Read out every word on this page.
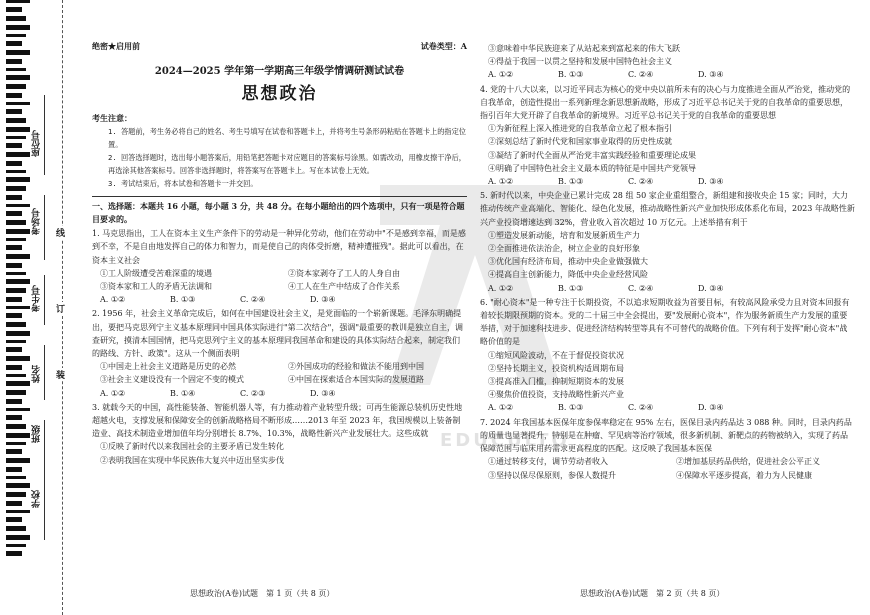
座位号
考场号
考生号
姓名
班级
学校
线
订
装
EDUCULTO
绝密★启用前	试卷类型：A
2024—2025 学年第一学期高三年级学情调研测试试卷
思想政治
考生注意：
1. 答题前，考生务必将自己的姓名、考生号填写在试卷和答题卡上，并将考生号条形码粘贴在答题卡上的指定位置。
2. 回答选择题时，选出每小题答案后，用铅笔把答题卡对应题目的答案标号涂黑。如需改动，用橡皮擦干净后，再选涂其他答案标号。回答非选择题时，将答案写在答题卡上。写在本试卷上无效。
3. 考试结束后，将本试卷和答题卡一并交回。
一、选择题：本题共 16 小题，每小题 3 分，共 48 分。在每小题给出的四个选项中，只有一项是符合题目要求的。
1. 马克思指出，工人在资本主义生产条件下的劳动是一种异化劳动，他们在劳动中"不是感到幸福，而是感到不幸，不是自由地发挥自己的体力和智力，而是使自己的肉体受折磨，精神遭摧残"。据此可以看出，在资本主义社会
①工人阶级遭受苦难深重的境遇	②资本家剥夺了工人的人身自由
③资本家和工人的矛盾无法调和	④工人在生产中结成了合作关系
A. ①②	B. ①③	C. ②④	D. ③④
2. 1956 年，社会主义革命完成后，如何在中国建设社会主义，是党面临的一个崭新课题。毛泽东明确提出，要把马克思列宁主义基本原理同中国具体实际进行"第二次结合"，强调"最重要的教训是独立自主，调查研究，摸清本国国情，把马克思列宁主义的基本原理同我国革命和建设的具体实际结合起来，制定我们的路线、方针、政策"。这从一个侧面表明
①中国走上社会主义道路是历史的必然	②外国成功的经验和做法不能用到中国
③社会主义建设没有一个固定不变的模式	④中国在探索适合本国实际的发展道路
A. ①②	B. ①④	C. ②③	D. ③④
3. 就载今天的中国，高性能装备、智能机器人等，有力推动着产业转型升级；可再生能源总装机历史性地超越火电，支撑发展和保障安全的创新战略格局不断形成……2013 年至 2023 年，我国规模以上装备制造业、高技术制造业增加值年均分别增长 8.7%、10.3%，战略性新兴产业发展壮大。这些成就
①反映了新时代以来我国社会的主要矛盾已发生转化
②表明我国在实现中华民族伟大复兴中迈出坚实步伐
③意味着中华民族迎来了从站起来到富起来的伟大飞跃
④得益于我国一以贯之坚持和发展中国特色社会主义
A. ①②	B. ①③	C. ②④	D. ③④
4. 党的十八大以来，以习近平同志为核心的党中央以前所未有的决心与力度推进全面从严治党，推动党的自我革命，创造性提出一系列新理念新思想新战略，形成了习近平总书记关于党的自我革命的重要思想，指引百年大党开辟了自我革命的新境界。习近平总书记关于党的自我革命的重要思想
①为新征程上深入推进党的自我革命立起了根本指引
②深刻总结了新时代党和国家事业取得的历史性成就
③凝结了新时代全面从严治党丰富实践经验和重要理论成果
④明确了中国特色社会主义最本质的特征是中国共产党领导
A. ①②	B. ①③	C. ②④	D. ③④
5. 新时代以来，中央企业已累计完成 28 组 50 家企业重组整合，新组建和接收央企 15 家；同时，大力推动传统产业高端化、智能化、绿色化发展，推动战略性新兴产业加快形成体系化布局，2023 年战略性新兴产业投资增速达到 32%，营业收入首次超过 10 万亿元。上述举措有利于
①塑造发展新动能，培育和发展新质生产力
②全面推进依法治企，树立企业的良好形象
③优化国有经济布局，推动中央企业做强做大
④提高自主创新能力，降低中央企业经营风险
A. ①②	B. ①③	C. ②④	D. ③④
6. "耐心资本"是一种专注于长期投资，不以追求短期收益为首要目标，有较高风险承受力且对资本回报有着较长期限预期的资本。党的二十届三中全会提出，要"发展耐心资本"，作为服务新质生产力发展的重要举措，对于加速科技进步、促进经济结构转型等具有不可替代的战略价值。下列有利于发挥"耐心资本"战略价值的是
①缩短风险波动，不在于督促投资状况
②坚持长期主义，投资机构适周期布局
③提高准入门槛，抑制短期资本的发展
④聚焦价值投资，支持战略性新兴产业
A. ①②	B. ①③	C. ②④	D. ③④
7. 2024 年我国基本医保年度参保率稳定在 95% 左右，医保目录内药品达 3 088 种。同时，目录内药品的质量也显著提升，特别是在肿瘤、罕见病等治疗领域，很多新机制、新靶点的药物被纳入，实现了药品保障范围与临床用药需求更高程度的匹配。这反映了我国基本医保
①通过转移支付，调节劳动者收入	②增加基层药品供给，促进社会公平正义
③坚持以保尽保原则，参保人数提升	④保障水平逐步提高，着力为人民健康
思想政治(A卷)试题　第 1 页（共 8 页）	思想政治(A卷)试题　第 2 页（共 8 页）
